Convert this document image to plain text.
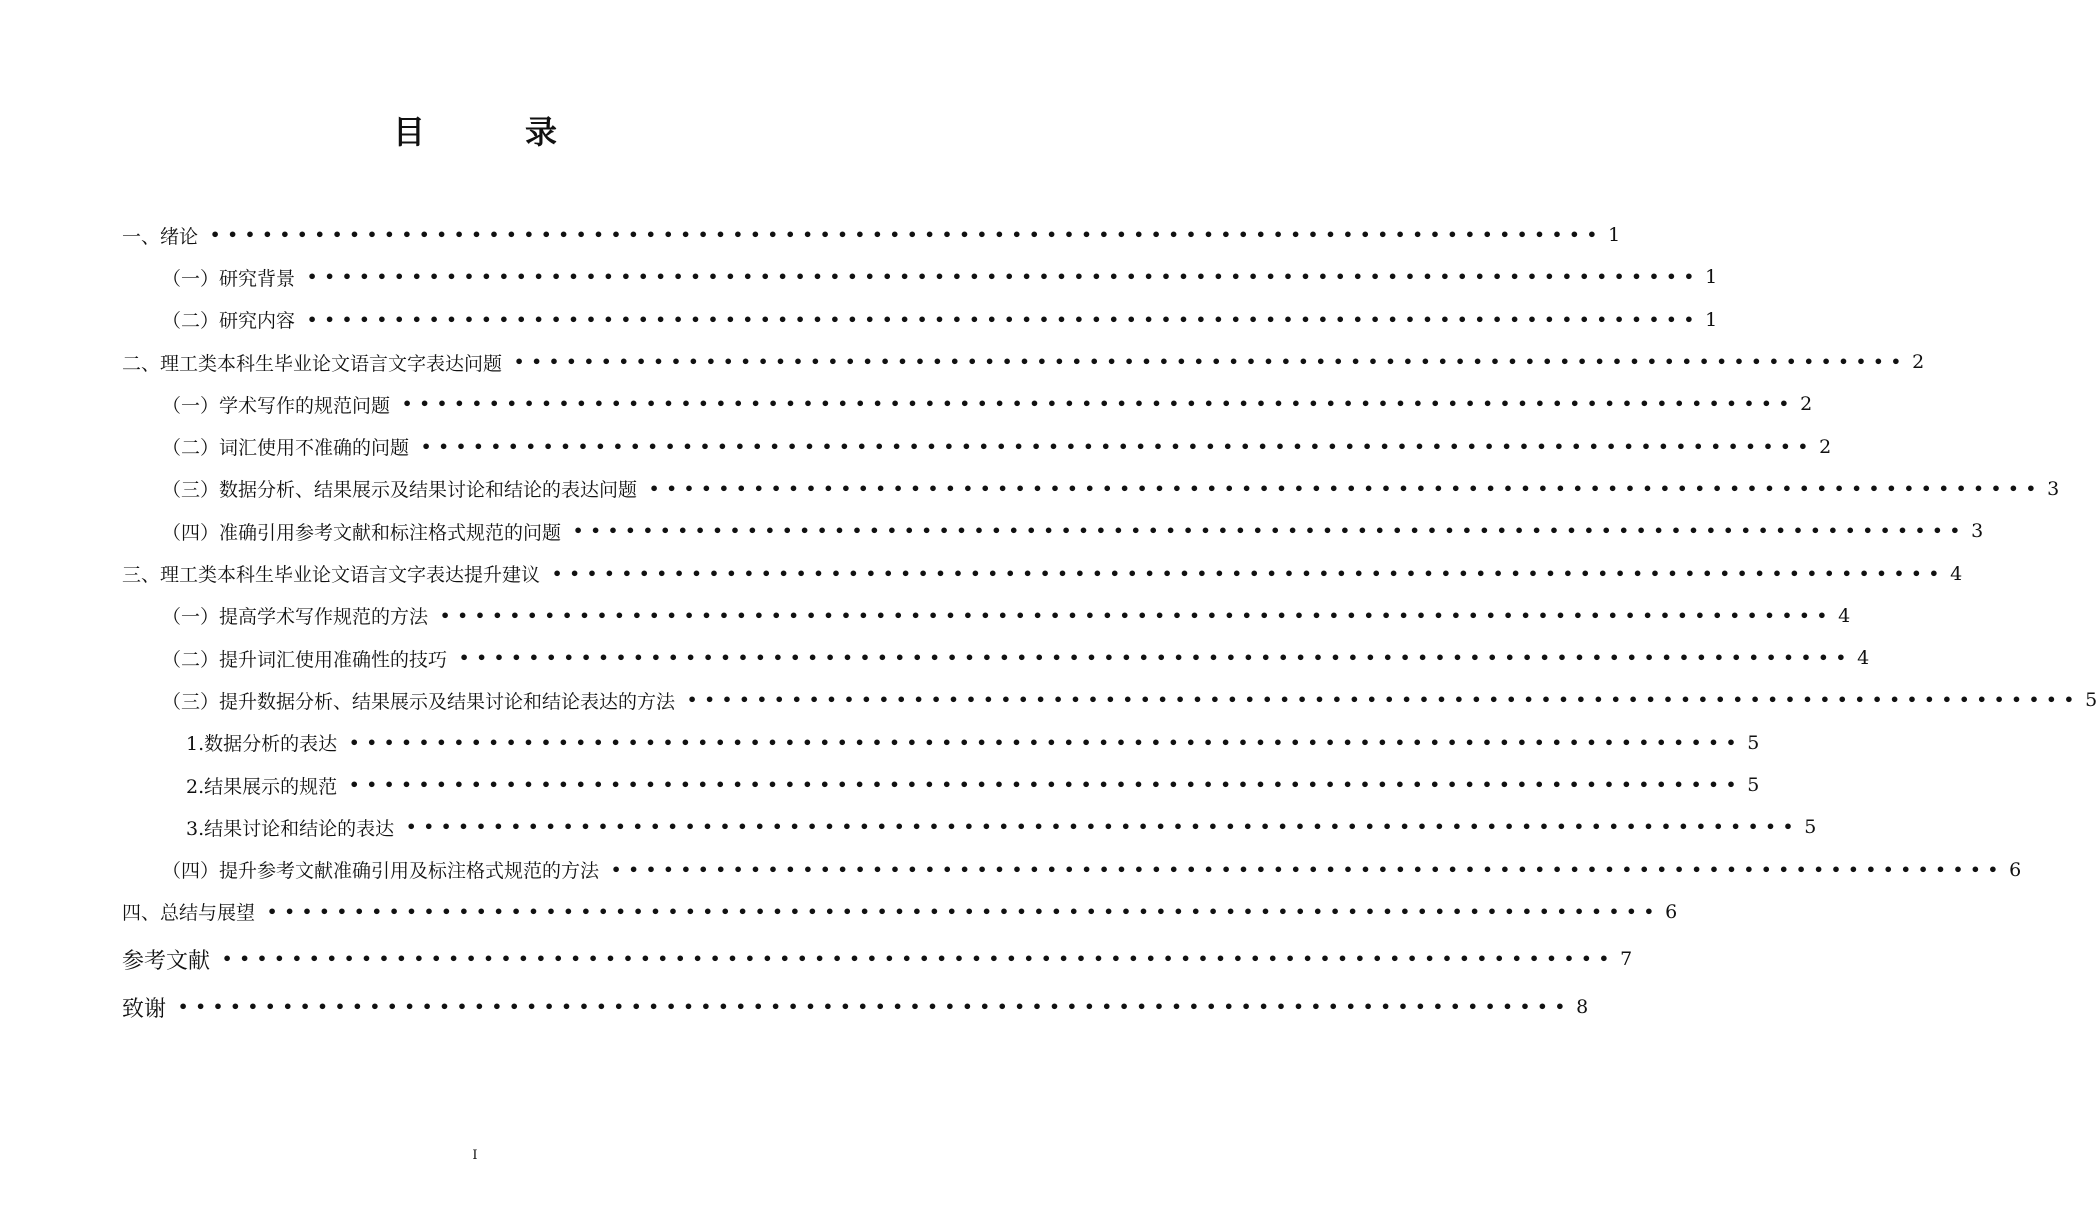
目　录
一、绪论 •••••••••••••••••••••••••••••••••••••••••••••••••••••••••••••••••••••••••••••••• 1
（一）研究背景 •••••••••••••••••••••••••••••••••••••••••••••••••••••••••••••••••••••••••••••••• 1
（二）研究内容 •••••••••••••••••••••••••••••••••••••••••••••••••••••••••••••••••••••••••••••••• 1
二、理工类本科生毕业论文语言文字表达问题 •••••••••••••••••••••••••••••••••••••••••••••••••••••••••••••••••••••••••••••••• 2
（一）学术写作的规范问题 •••••••••••••••••••••••••••••••••••••••••••••••••••••••••••••••••••••••••••••••• 2
（二）词汇使用不准确的问题 •••••••••••••••••••••••••••••••••••••••••••••••••••••••••••••••••••••••••••••••• 2
（三）数据分析、结果展示及结果讨论和结论的表达问题 •••••••••••••••••••••••••••••••••••••••••••••••••••••••••••••••••••••••••••••••• 3
（四）准确引用参考文献和标注格式规范的问题 •••••••••••••••••••••••••••••••••••••••••••••••••••••••••••••••••••••••••••••••• 3
三、理工类本科生毕业论文语言文字表达提升建议 •••••••••••••••••••••••••••••••••••••••••••••••••••••••••••••••••••••••••••••••• 4
（一）提高学术写作规范的方法 •••••••••••••••••••••••••••••••••••••••••••••••••••••••••••••••••••••••••••••••• 4
（二）提升词汇使用准确性的技巧 •••••••••••••••••••••••••••••••••••••••••••••••••••••••••••••••••••••••••••••••• 4
（三）提升数据分析、结果展示及结果讨论和结论表达的方法 •••••••••••••••••••••••••••••••••••••••••••••••••••••••••••••••••••••••••••••••• 5
1.数据分析的表达 •••••••••••••••••••••••••••••••••••••••••••••••••••••••••••••••••••••••••••••••• 5
2.结果展示的规范 •••••••••••••••••••••••••••••••••••••••••••••••••••••••••••••••••••••••••••••••• 5
3.结果讨论和结论的表达 •••••••••••••••••••••••••••••••••••••••••••••••••••••••••••••••••••••••••••••••• 5
（四）提升参考文献准确引用及标注格式规范的方法 •••••••••••••••••••••••••••••••••••••••••••••••••••••••••••••••••••••••••••••••• 6
四、总结与展望 •••••••••••••••••••••••••••••••••••••••••••••••••••••••••••••••••••••••••••••••• 6
参考文献 •••••••••••••••••••••••••••••••••••••••••••••••••••••••••••••••••••••••••••••••• 7
致谢 •••••••••••••••••••••••••••••••••••••••••••••••••••••••••••••••••••••••••••••••• 8
I
